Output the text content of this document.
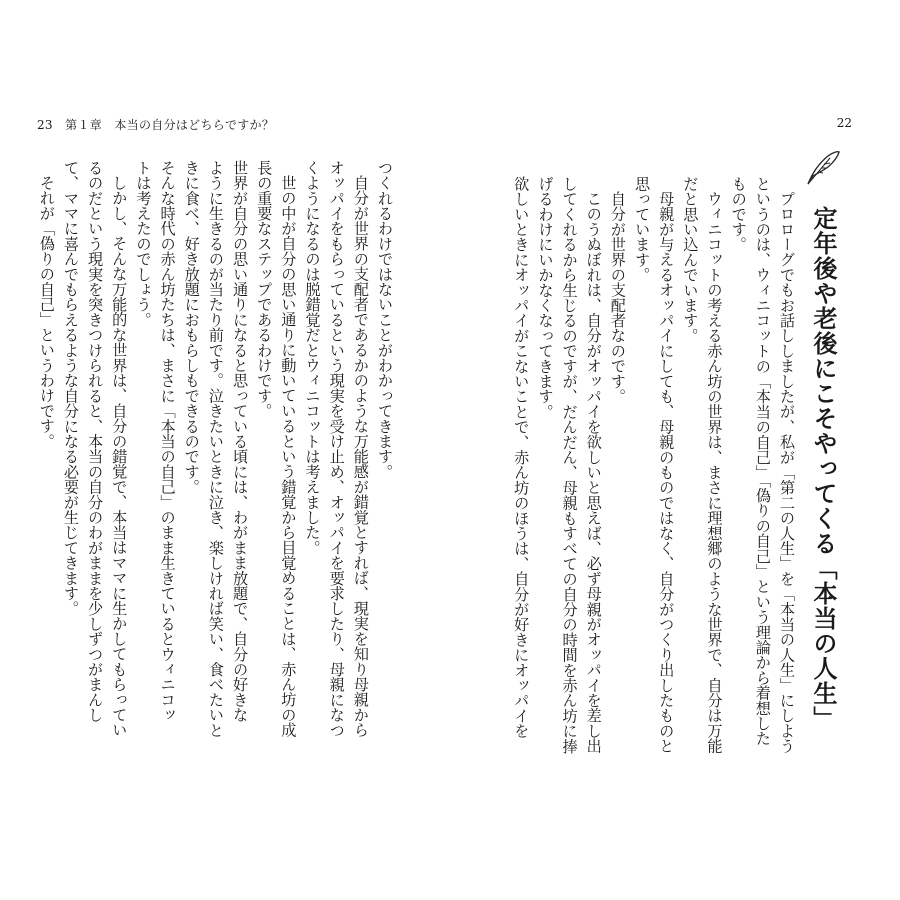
23　第１章　本当の自分はどちらですか？	22

つくれるわけではないことがわかってきます。

自分が世界の支配者であるかのような万能感が錯覚とすれば、現実を知り母親から

オッパイをもらっているという現実を受け止め、オッパイを要求したり、母親になつ

くようになるのは脱錯覚だとウィニコットは考えました。

世の中が自分の思い通りに動いているという錯覚から目覚めることは、赤ん坊の成

長の重要なステップであるわけです。

世界が自分の思い通りになると思っている頃には、わがまま放題で、自分の好きな

ように生きるのが当たり前です。泣きたいときに泣き、楽しければ笑い、食べたいと

きに食べ、好き放題におもらしもできるのです。

そんな時代の赤ん坊たちは、まさに「本当の自己」のまま生きているとウィニコッ

トは考えたのでしょう。

しかし、そんな万能的な世界は、自分の錯覚で、本当はママに生かしてもらってい

るのだという現実を突きつけられると、本当の自分のわがままを少しずつがまんし

て、ママに喜んでもらえるような自分になる必要が生じてきます。

それが「偽りの自己」というわけです。	プロローグでもお話ししましたが、私が「第二の人生」を「本当の人生」にしよう

というのは、ウィニコットの「本当の自己」「偽りの自己」という理論から着想した

ものです。

ウィニコットの考える赤ん坊の世界は、まさに理想郷のような世界で、自分は万能

だと思い込んでいます。

母親が与えるオッパイにしても、母親のものではなく、自分がつくり出したものと

思っています。

自分が世界の支配者なのです。

このうぬぼれは、自分がオッパイを欲しいと思えば、必ず母親がオッパイを差し出

してくれるから生じるのですが、だんだん、母親もすべての自分の時間を赤ん坊に捧

げるわけにいかなくなってきます。

欲しいときにオッパイがこないことで、赤ん坊のほうは、自分が好きにオッパイを	定年後や老後にこそやってくる「本当の人生」
